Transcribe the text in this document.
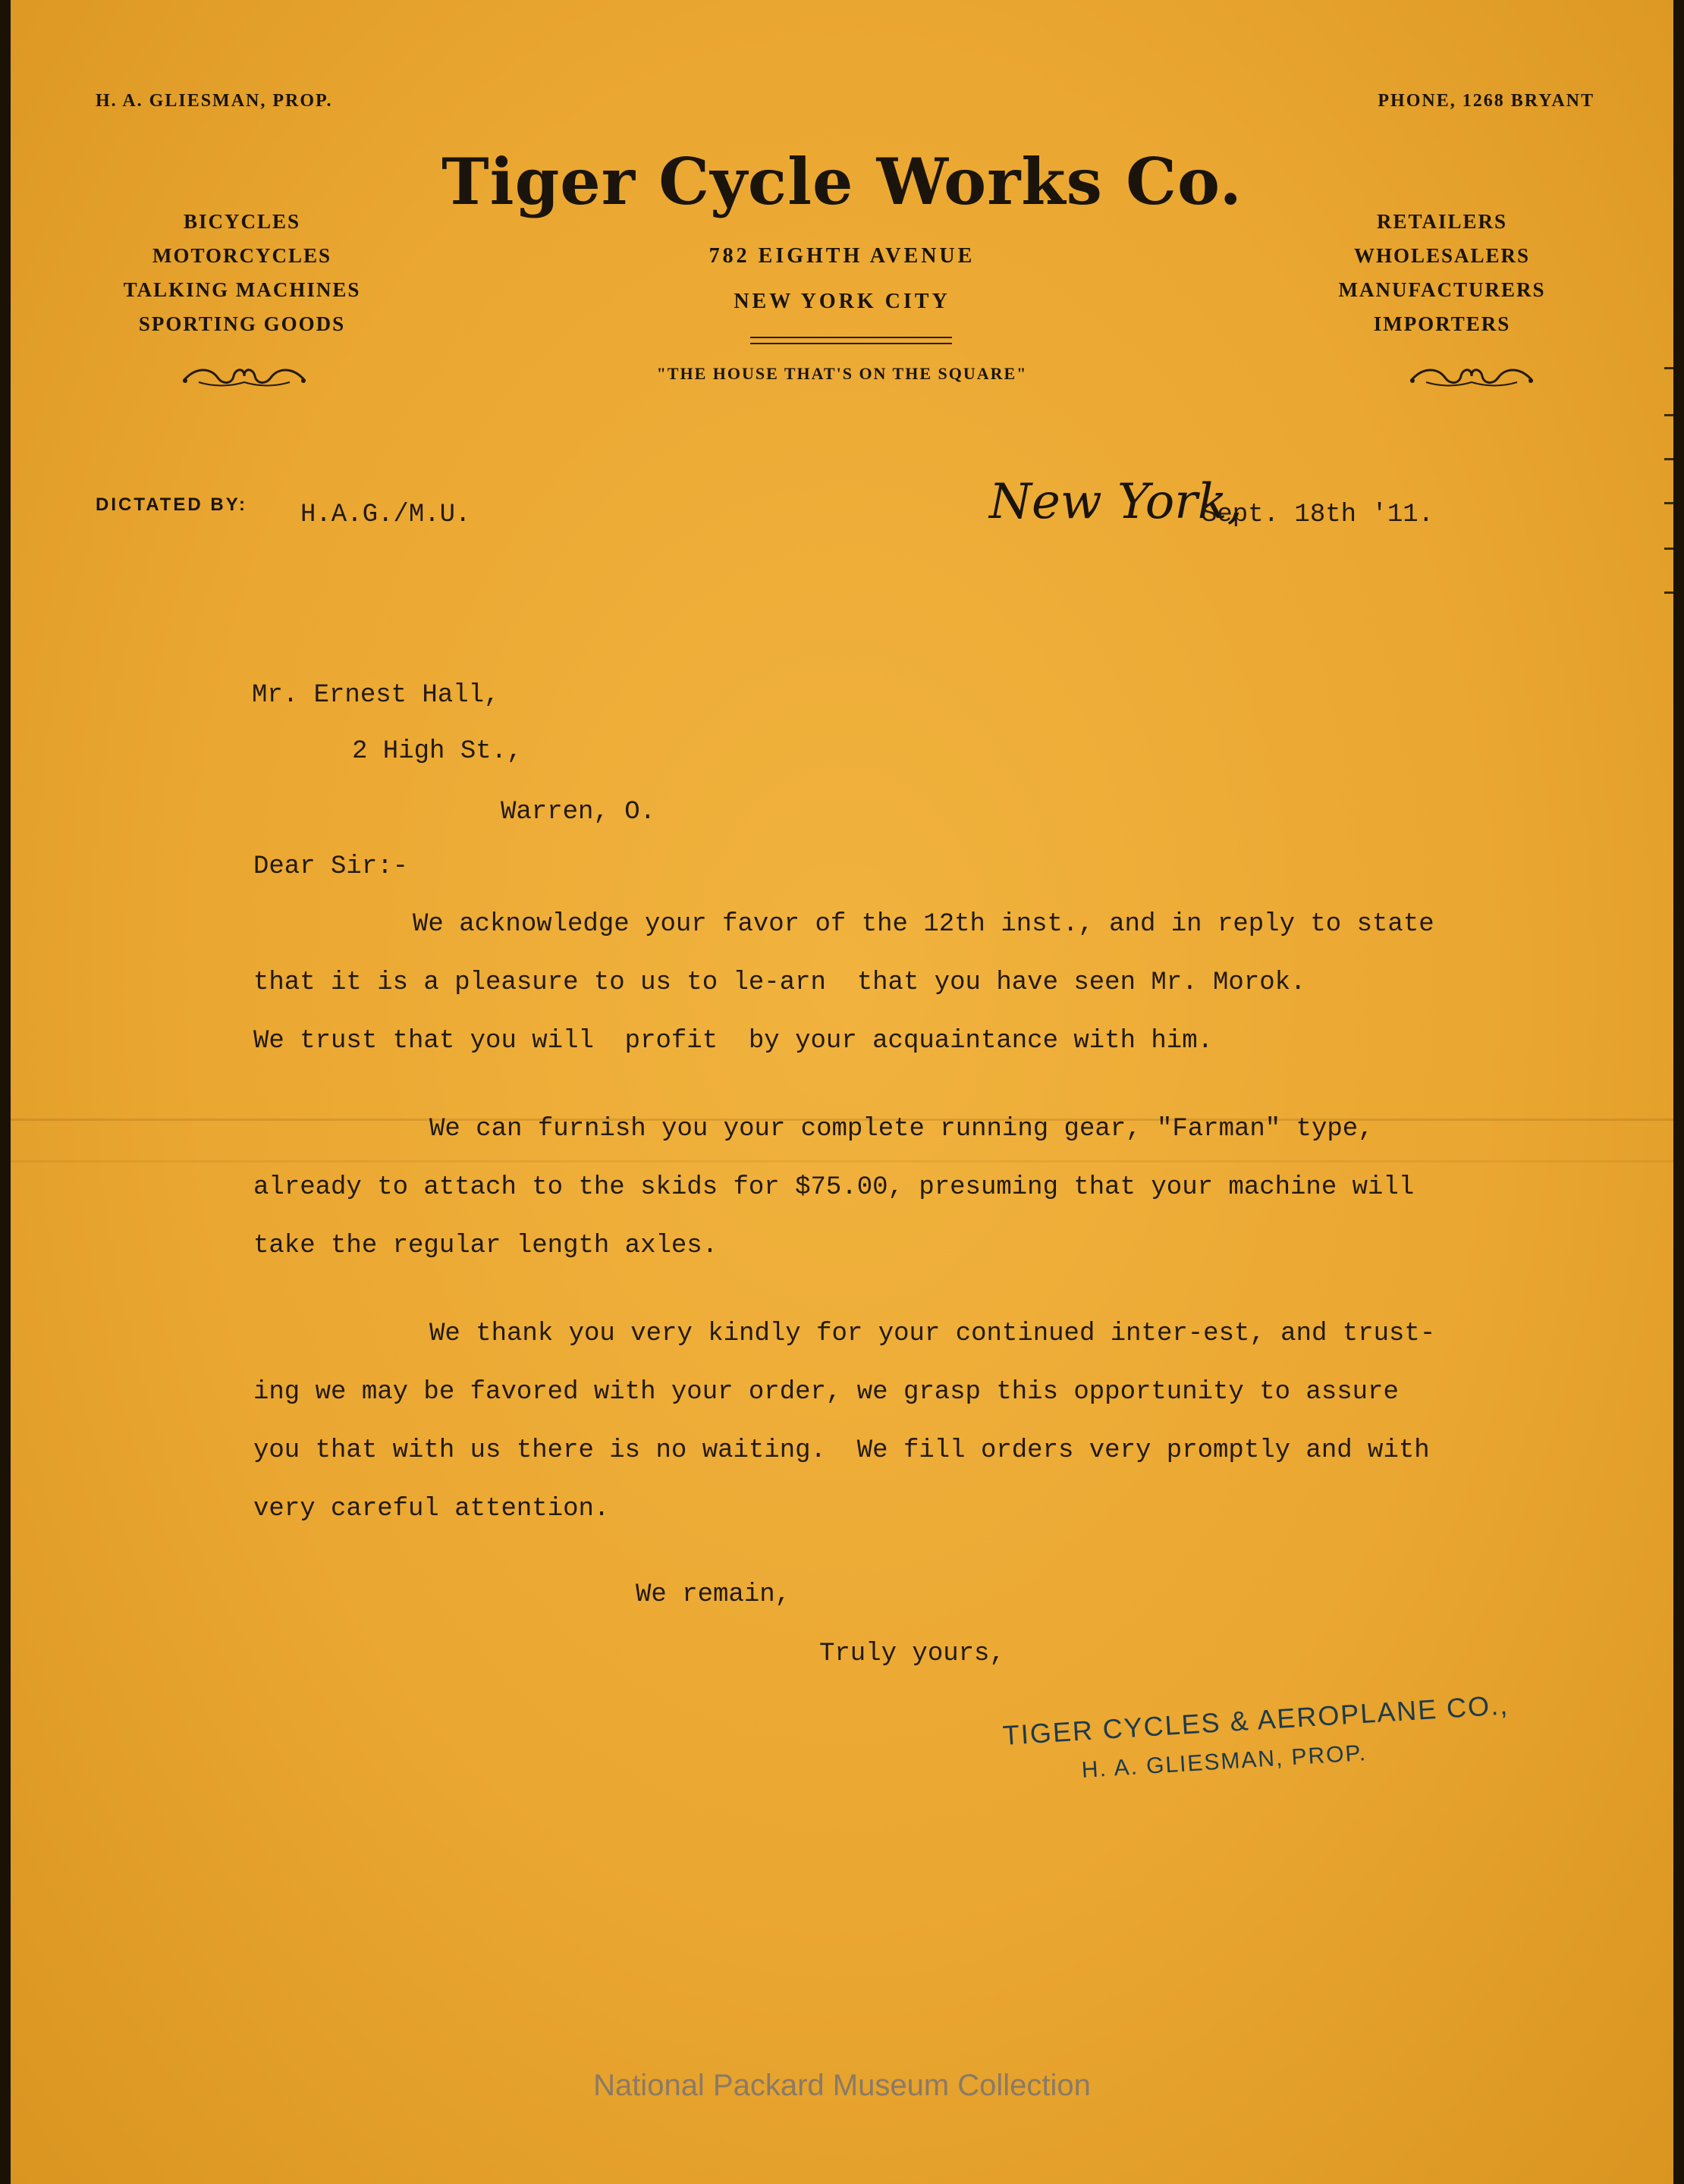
H. A. GLIESMAN, PROP.	PHONE, 1268 BRYANT
Tiger Cycle Works Co.
BICYCLES
MOTORCYCLES
TALKING MACHINES
SPORTING GOODS
RETAILERS
WHOLESALERS
MANUFACTURERS
IMPORTERS
782 EIGHTH AVENUE
NEW YORK CITY
"THE HOUSE THAT'S ON THE SQUARE"
DICTATED BY: H.A.G./M.U.	New York,
Sept. 18th '11.
Mr. Ernest Hall,
2 High St.,
Warren, O.
Dear Sir:-
We acknowledge your favor of the 12th inst., and in reply to state
that it is a pleasure to us to le-arn  that you have seen Mr. Morok.
We trust that you will  profit  by your acquaintance with him.
We can furnish you your complete running gear, "Farman" type,
already to attach to the skids for $75.00, presuming that your machine will
take the regular length axles.
We thank you very kindly for your continued inter-est, and trust-
ing we may be favored with your order, we grasp this opportunity to assure
you that with us there is no waiting.  We fill orders very promptly and with
very careful attention.
We remain,
Truly yours,
TIGER CYCLES & AEROPLANE CO.,
H. A. GLIESMAN, PROP.
National Packard Museum Collection
